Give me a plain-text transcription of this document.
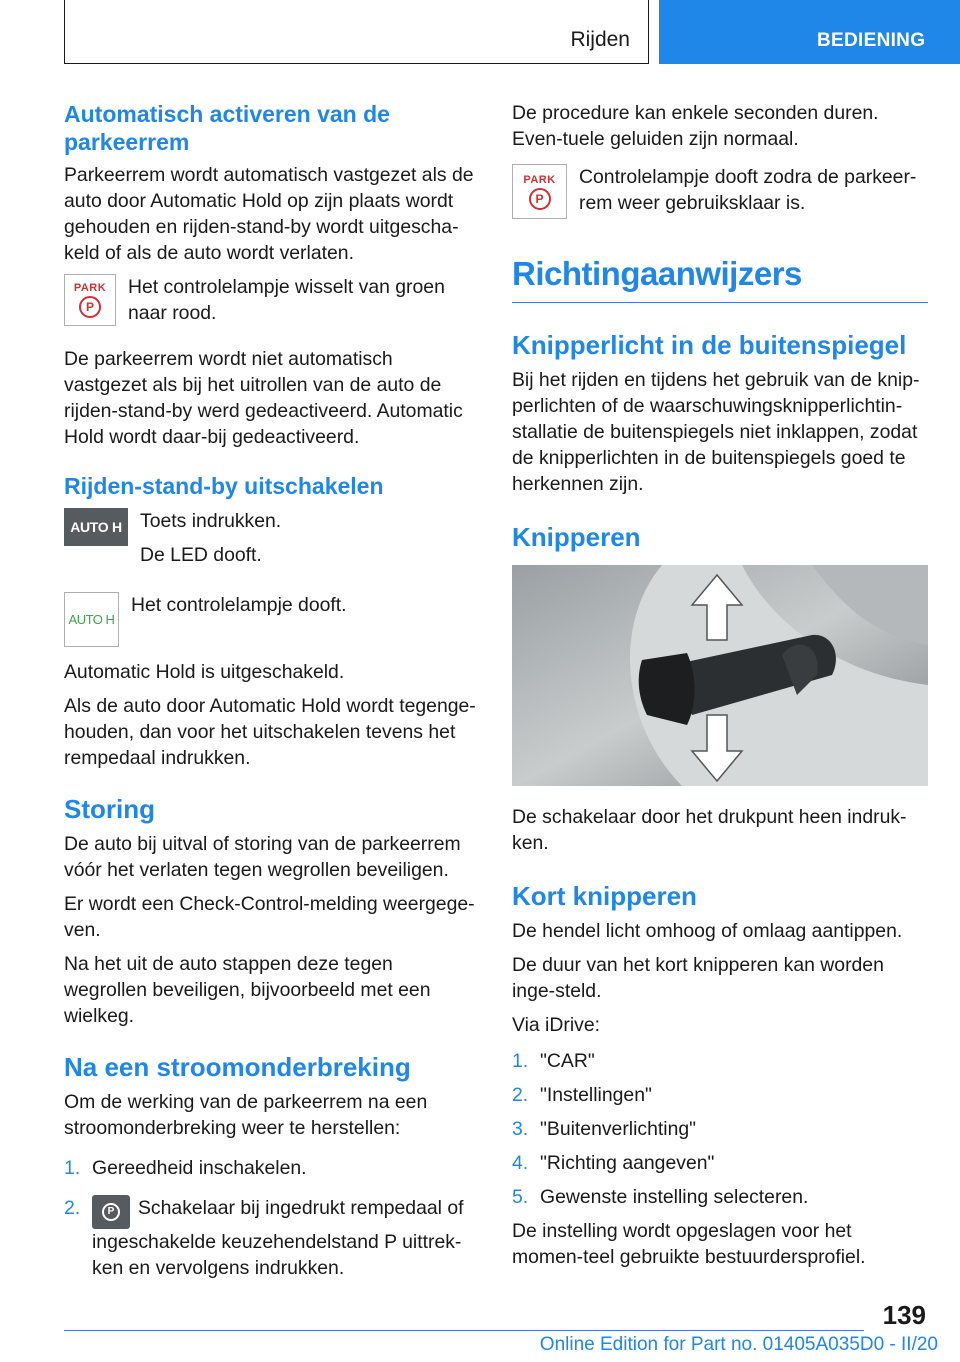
Rijden	BEDIENING
Automatisch activeren van de parkeerrem

Parkeerrem wordt automatisch vastgezet als de auto door Automatic Hold op zijn plaats wordt gehouden en rijden-stand-by wordt uitgescha-keld of als de auto wordt verlaten.

PARK
P

Het controlelampje wisselt van groen naar rood.

De parkeerrem wordt niet automatisch vastgezet als bij het uitrollen van de auto de rijden-stand-by werd gedeactiveerd. Automatic Hold wordt daar-bij gedeactiveerd.

Rijden-stand-by uitschakelen
AUTO H Toets indrukken.

De LED dooft.

AUTO H

Het controlelampje dooft.

Automatic Hold is uitgeschakeld.

Als de auto door Automatic Hold wordt tegenge-houden, dan voor het uitschakelen tevens het rempedaal indrukken.

Storing

De auto bij uitval of storing van de parkeerrem vóór het verlaten tegen wegrollen beveiligen.

Er wordt een Check-Control-melding weergege-ven.

Na het uit de auto stappen deze tegen wegrollen beveiligen, bijvoorbeeld met een wielkeg.

Na een stroomonderbreking

Om de werking van de parkeerrem na een stroomonderbreking weer te herstellen:

1. Gereedheid inschakelen.
2.	P Schakelaar bij ingedrukt rempedaal of ingeschakelde keuzehendelstand P uittrek-ken en vervolgens indrukken.

De procedure kan enkele seconden duren. Even-tuele geluiden zijn normaal.

PARK
P

Controlelampje dooft zodra de parkeer-rem weer gebruiksklaar is.

Richtingaanwijzers
Knipperlicht in de buitenspiegel

Bij het rijden en tijdens het gebruik van de knip-perlichten of de waarschuwingsknipperlichtin-stallatie de buitenspiegels niet inklappen, zodat de knipperlichten in de buitenspiegels goed te herkennen zijn.

Knipperen

De schakelaar door het drukpunt heen indruk-ken.

Kort knipperen

De hendel licht omhoog of omlaag aantippen.

De duur van het kort knipperen kan worden inge-steld.

Via iDrive:

1. "CAR"
2. "Instellingen"
3. "Buitenverlichting"
4. "Richting aangeven"
5. Gewenste instelling selecteren.

De instelling wordt opgeslagen voor het momen-teel gebruikte bestuurdersprofiel.

139
Online Edition for Part no. 01405A035D0 - II/20
